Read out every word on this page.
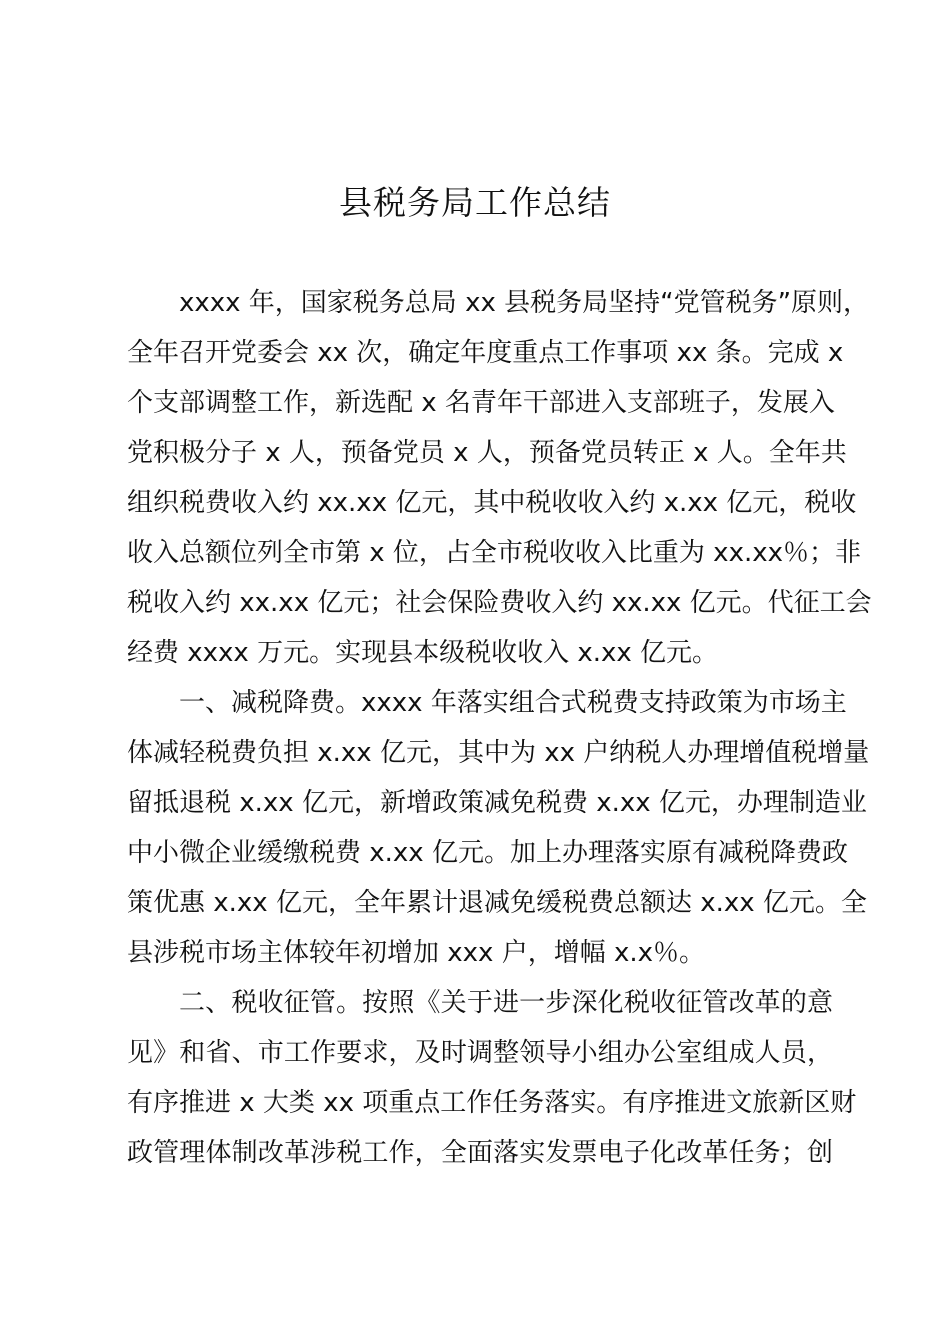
县税务局工作总结
xxxx 年，国家税务总局 xx 县税务局坚持“党管税务”原则，
全年召开党委会 xx 次，确定年度重点工作事项 xx 条。完成 x
个支部调整工作，新选配 x 名青年干部进入支部班子，发展入
党积极分子 x 人，预备党员 x 人，预备党员转正 x 人。全年共
组织税费收入约 xx.xx 亿元，其中税收收入约 x.xx 亿元，税收
收入总额位列全市第 x 位，占全市税收收入比重为 xx.xx％；非
税收入约 xx.xx 亿元；社会保险费收入约 xx.xx 亿元。代征工会
经费 xxxx 万元。实现县本级税收收入 x.xx 亿元。
一、减税降费。xxxx 年落实组合式税费支持政策为市场主
体减轻税费负担 x.xx 亿元，其中为 xx 户纳税人办理增值税增量
留抵退税 x.xx 亿元，新增政策减免税费 x.xx 亿元，办理制造业
中小微企业缓缴税费 x.xx 亿元。加上办理落实原有减税降费政
策优惠 x.xx 亿元，全年累计退减免缓税费总额达 x.xx 亿元。全
县涉税市场主体较年初增加 xxx 户，增幅 x.x％。
二、税收征管。按照《关于进一步深化税收征管改革的意
见》和省、市工作要求，及时调整领导小组办公室组成人员，
有序推进 x 大类 xx 项重点工作任务落实。有序推进文旅新区财
政管理体制改革涉税工作，全面落实发票电子化改革任务；创
